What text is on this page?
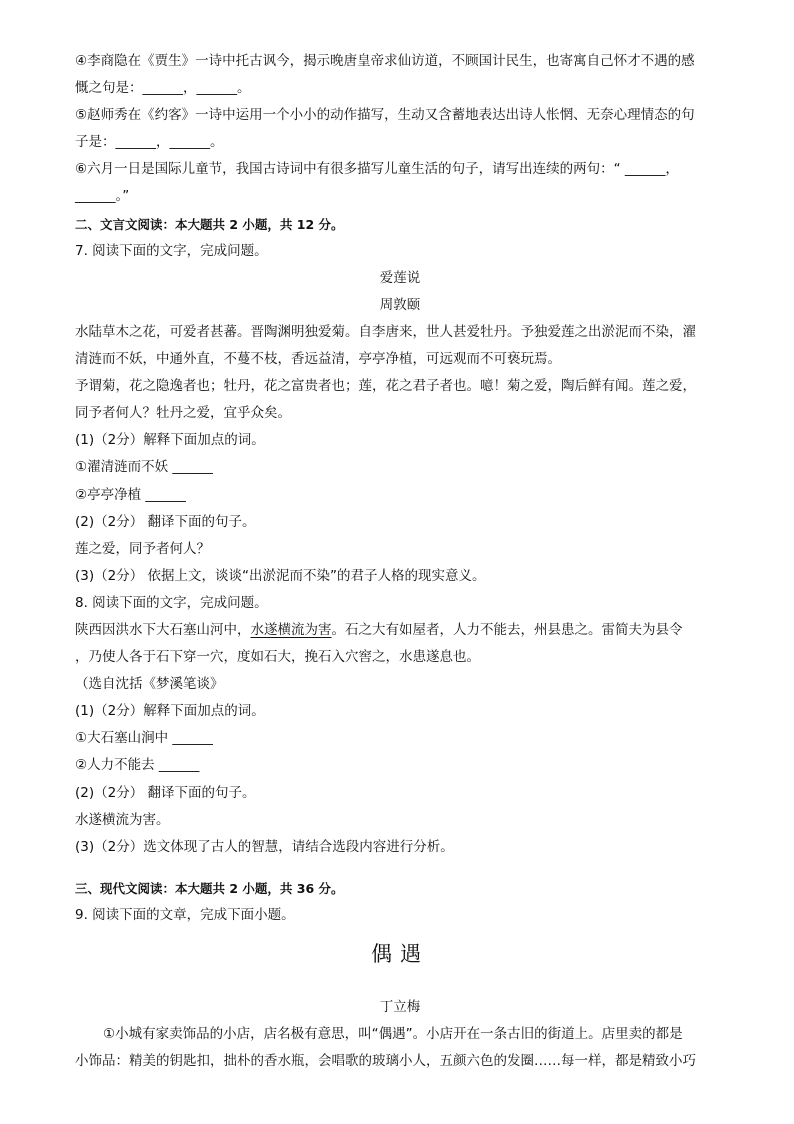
④李商隐在《贾生》一诗中托古讽今，揭示晚唐皇帝求仙访道，不顾国计民生，也寄寓自己怀才不遇的感

慨之句是：______，______。

⑤赵师秀在《约客》一诗中运用一个小小的动作描写，生动又含蓄地表达出诗人怅惘、无奈心理情态的句

子是：______，______。

⑥六月一日是国际儿童节，我国古诗词中有很多描写儿童生活的句子，请写出连续的两句：“ ______，

______。”

二、文言文阅读：本大题共 2 小题，共 12 分。

7. 阅读下面的文字，完成问题。

爱莲说

周敦颐

水陆草木之花，可爱者甚蕃。晋陶渊明独爱菊。自李唐来，世人甚爱牡丹。予独爱莲之出淤泥而不染，濯

清涟而不妖，中通外直，不蔓不枝，香远益清，亭亭净植，可远观而不可亵玩焉。

予谓菊，花之隐逸者也；牡丹，花之富贵者也；莲，花之君子者也。噫！菊之爱，陶后鲜有闻。莲之爱，

同予者何人？牡丹之爱，宜乎众矣。

(1)（2分）解释下面加点的词。

①濯清涟而不妖 ______

②亭亭净植 ______

(2)（2分） 翻译下面的句子。

莲之爱，同予者何人？

(3)（2分） 依据上文，谈谈“出淤泥而不染”的君子人格的现实意义。

8. 阅读下面的文字，完成问题。

陕西因洪水下大石塞山河中，水遂横流为害。石之大有如屋者，人力不能去，州县患之。雷简夫为县令

，乃使人各于石下穿一穴，度如石大，挽石入穴窖之，水患遂息也。

（选自沈括《梦溪笔谈》

(1)（2分）解释下面加点的词。

①大石塞山涧中 ______

②人力不能去 ______

(2)（2分） 翻译下面的句子。

水遂横流为害。

(3)（2分）选文体现了古人的智慧，请结合选段内容进行分析。

三、现代文阅读：本大题共 2 小题，共 36 分。

9. 阅读下面的文章，完成下面小题。

偶遇

丁立梅

①小城有家卖饰品的小店，店名极有意思，叫“偶遇”。小店开在一条古旧的街道上。店里卖的都是

小饰品：精美的钥匙扣，拙朴的香水瓶，会唱歌的玻璃小人，五颜六色的发圈……每一样，都是精致小巧
